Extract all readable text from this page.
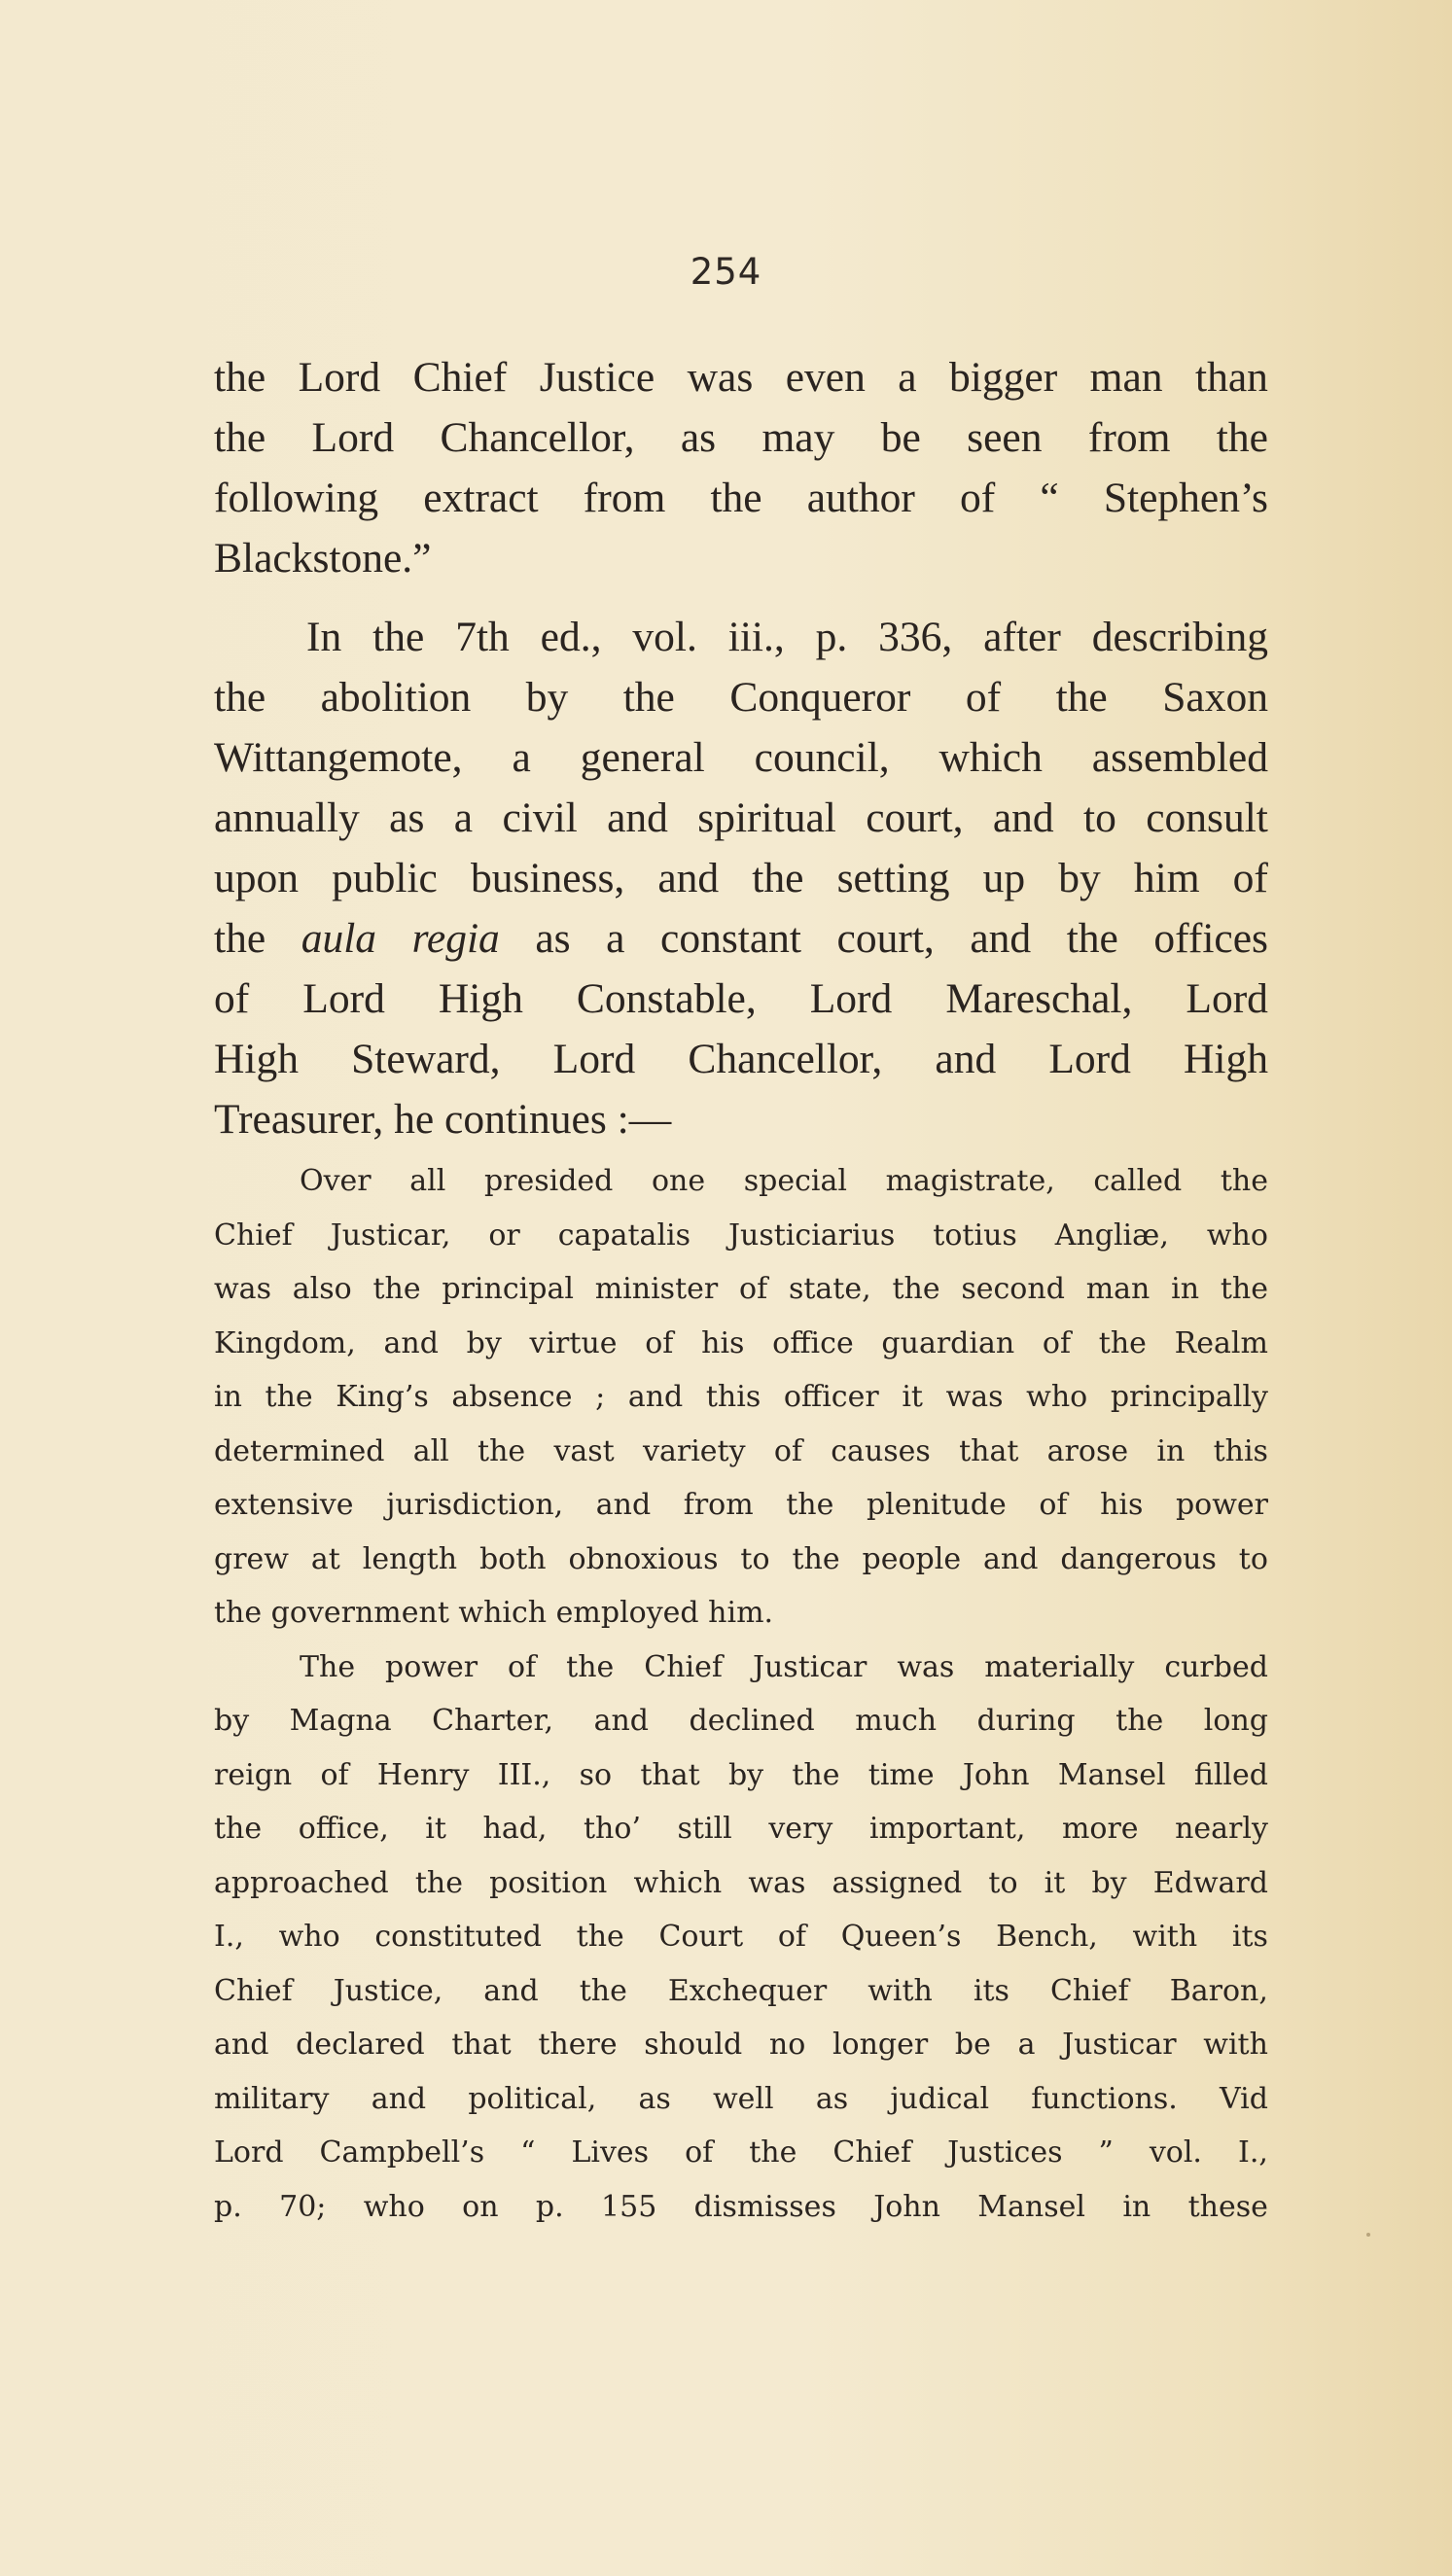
254
the Lord Chief Justice was even a bigger man than
the Lord Chancellor, as may be seen from the
following extract from the author of “ Stephen’s
Blackstone.”
In the 7th ed., vol. iii., p. 336, after describing
the abolition by the Conqueror of the Saxon
Wittangemote, a general council, which assembled
annually as a civil and spiritual court, and to consult
upon public business, and the setting up by him of
the aula regia as a constant court, and the offices
of Lord High Constable, Lord Mareschal, Lord
High Steward, Lord Chancellor, and Lord High
Treasurer, he continues :—
Over all presided one special magistrate, called the
Chief Justicar, or capatalis Justiciarius totius Angliæ, who
was also the principal minister of state, the second man in the
Kingdom, and by virtue of his office guardian of the Realm
in the King’s absence ; and this officer it was who principally
determined all the vast variety of causes that arose in this
extensive jurisdiction, and from the plenitude of his power
grew at length both obnoxious to the people and dangerous to
the government which employed him.
The power of the Chief Justicar was materially curbed
by Magna Charter, and declined much during the long
reign of Henry III., so that by the time John Mansel filled
the office, it had, tho’ still very important, more nearly
approached the position which was assigned to it by Edward
I., who constituted the Court of Queen’s Bench, with its
Chief Justice, and the Exchequer with its Chief Baron,
and declared that there should no longer be a Justicar with
military and political, as well as judical functions. Vid
Lord Campbell’s “ Lives of the Chief Justices ” vol. I.,
p. 70; who on p. 155 dismisses John Mansel in these
